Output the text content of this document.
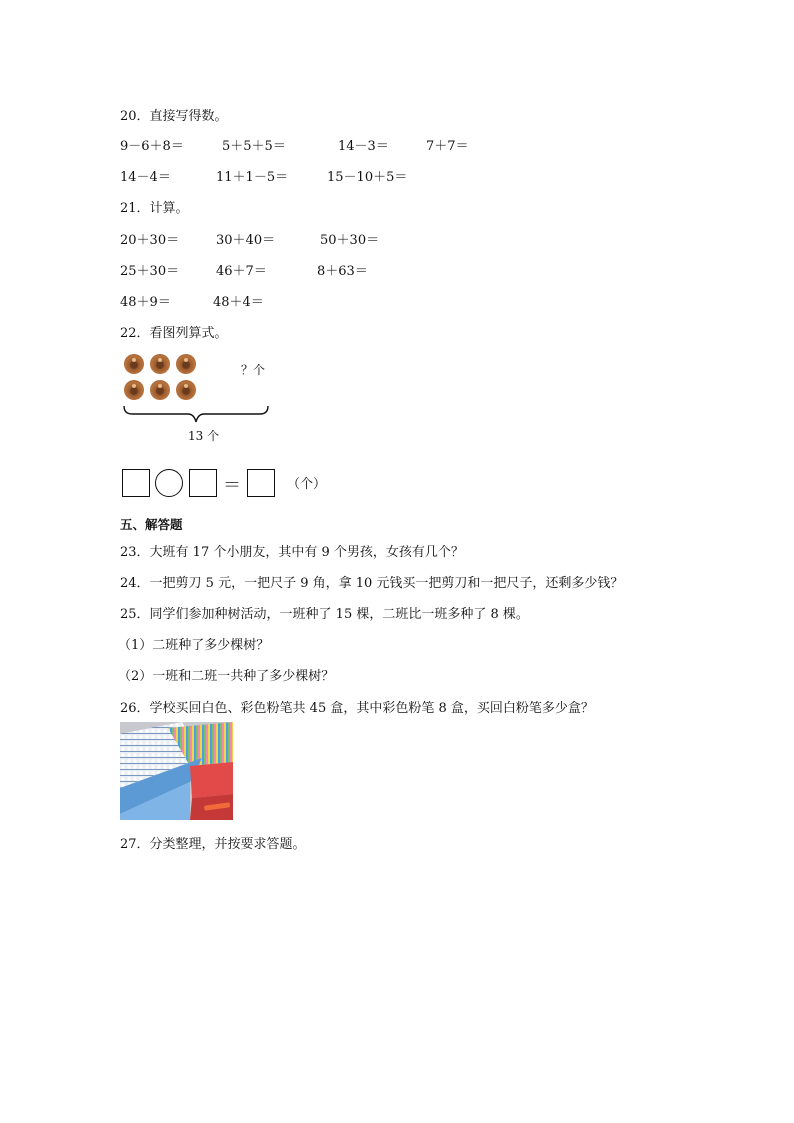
20．直接写得数。
9－6＋8＝	5＋5＋5＝	14－3＝	7＋7＝
14－4＝	11＋1－5＝	15－10＋5＝
21．计算。
20＋30＝	30＋40＝	50＋30＝
25＋30＝	46＋7＝	8＋63＝
48＋9＝	48＋4＝
22．看图列算式。
？个
13 个
＝	（个）
五、解答题
23．大班有 17 个小朋友，其中有 9 个男孩，女孩有几个？
24．一把剪刀 5 元，一把尺子 9 角，拿 10 元钱买一把剪刀和一把尺子，还剩多少钱？
25．同学们参加种树活动，一班种了 15 棵，二班比一班多种了 8 棵。
（1）二班种了多少棵树？
（2）一班和二班一共种了多少棵树？
26．学校买回白色、彩色粉笔共 45 盒，其中彩色粉笔 8 盒，买回白粉笔多少盒？
27．分类整理，并按要求答题。
